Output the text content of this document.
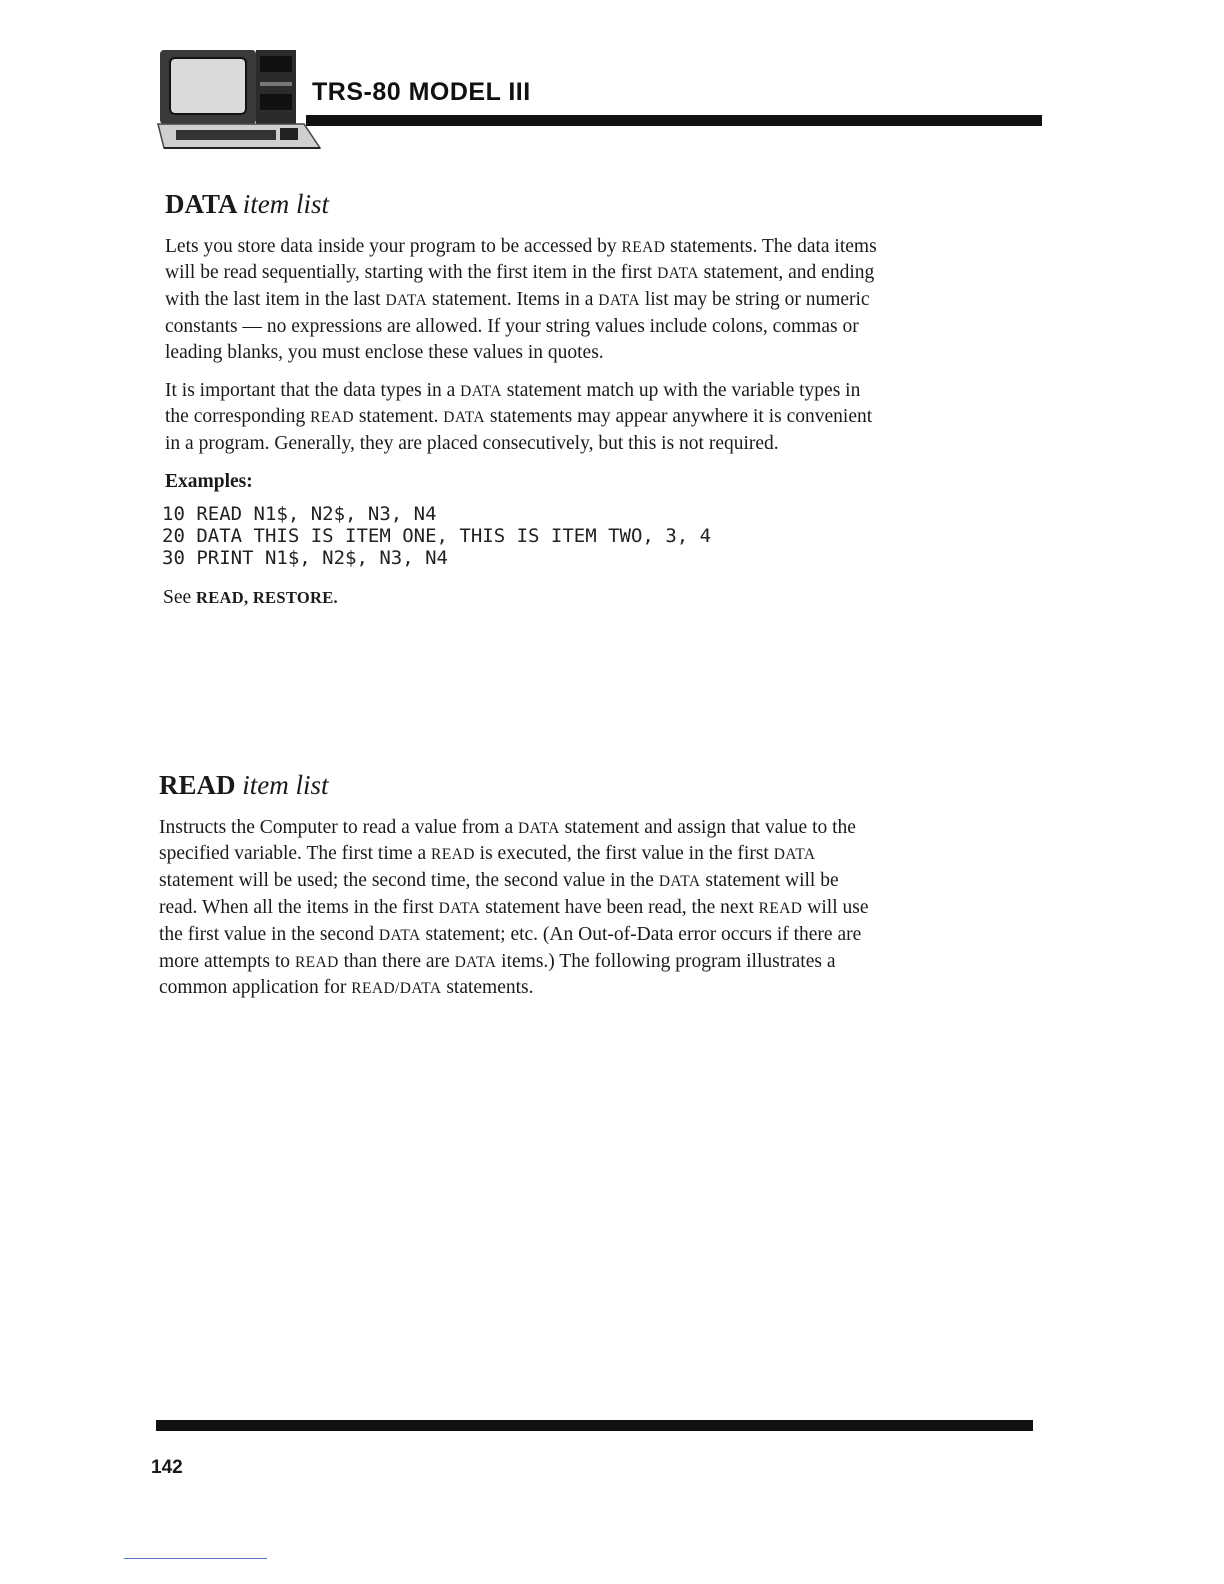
TRS-80 MODEL III
DATA item list

Lets you store data inside your program to be accessed by READ statements. The data items will be read sequentially, starting with the first item in the first DATA statement, and ending with the last item in the last DATA statement. Items in a DATA list may be string or numeric constants — no expressions are allowed. If your string values include colons, commas or leading blanks, you must enclose these values in quotes.

It is important that the data types in a DATA statement match up with the variable types in the corresponding READ statement. DATA statements may appear anywhere it is convenient in a program. Generally, they are placed consecutively, but this is not required.

Examples:

10 READ N1$, N2$, N3, N4
20 DATA THIS IS ITEM ONE, THIS IS ITEM TWO, 3, 4
30 PRINT N1$, N2$, N3, N4

See READ, RESTORE.

READ item list

Instructs the Computer to read a value from a DATA statement and assign that value to the specified variable. The first time a READ is executed, the first value in the first DATA statement will be used; the second time, the second value in the DATA statement will be read. When all the items in the first DATA statement have been read, the next READ will use the first value in the second DATA statement; etc. (An Out-of-Data error occurs if there are more attempts to READ than there are DATA items.) The following program illustrates a common application for READ/DATA statements.

142
